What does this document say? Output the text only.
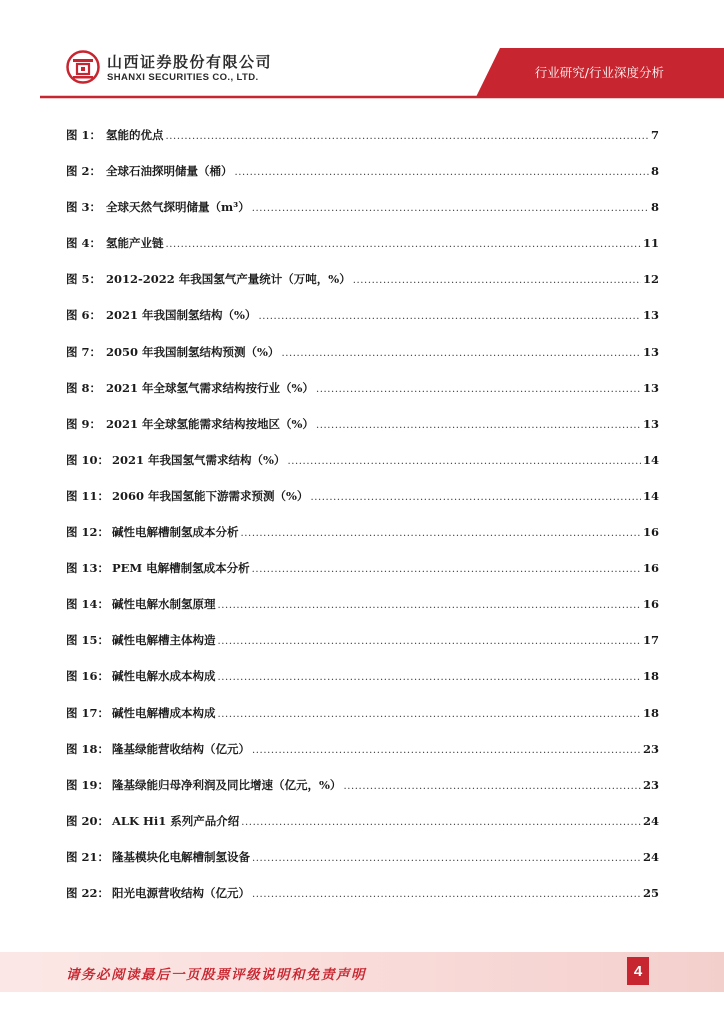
山西证券股份有限公司
SHANXI SECURITIES CO., LTD.	行业研究/行业深度分析
图 1： 氢能的优点 .....	7
图 2： 全球石油探明储量（桶） .....	8
图 3： 全球天然气探明储量（m³） .....	8
图 4： 氢能产业链 .....	11
图 5： 2012-2022 年我国氢气产量统计（万吨，%） .....	12
图 6： 2021 年我国制氢结构（%） .....	13
图 7： 2050 年我国制氢结构预测（%） .....	13
图 8： 2021 年全球氢气需求结构按行业（%） .....	13
图 9： 2021 年全球氢能需求结构按地区（%） .....	13
图 10： 2021 年我国氢气需求结构（%） .....	14
图 11： 2060 年我国氢能下游需求预测（%） .....	14
图 12： 碱性电解槽制氢成本分析 .....	16
图 13： PEM 电解槽制氢成本分析 .....	16
图 14： 碱性电解水制氢原理 .....	16
图 15： 碱性电解槽主体构造 .....	17
图 16： 碱性电解水成本构成 .....	18
图 17： 碱性电解槽成本构成 .....	18
图 18： 隆基绿能营收结构（亿元） .....	23
图 19： 隆基绿能归母净利润及同比增速（亿元，%） .....	23
图 20： ALK Hi1 系列产品介绍 .....	24
图 21： 隆基模块化电解槽制氢设备 .....	24
图 22： 阳光电源营收结构（亿元） .....	25
请务必阅读最后一页股票评级说明和免责声明	4
